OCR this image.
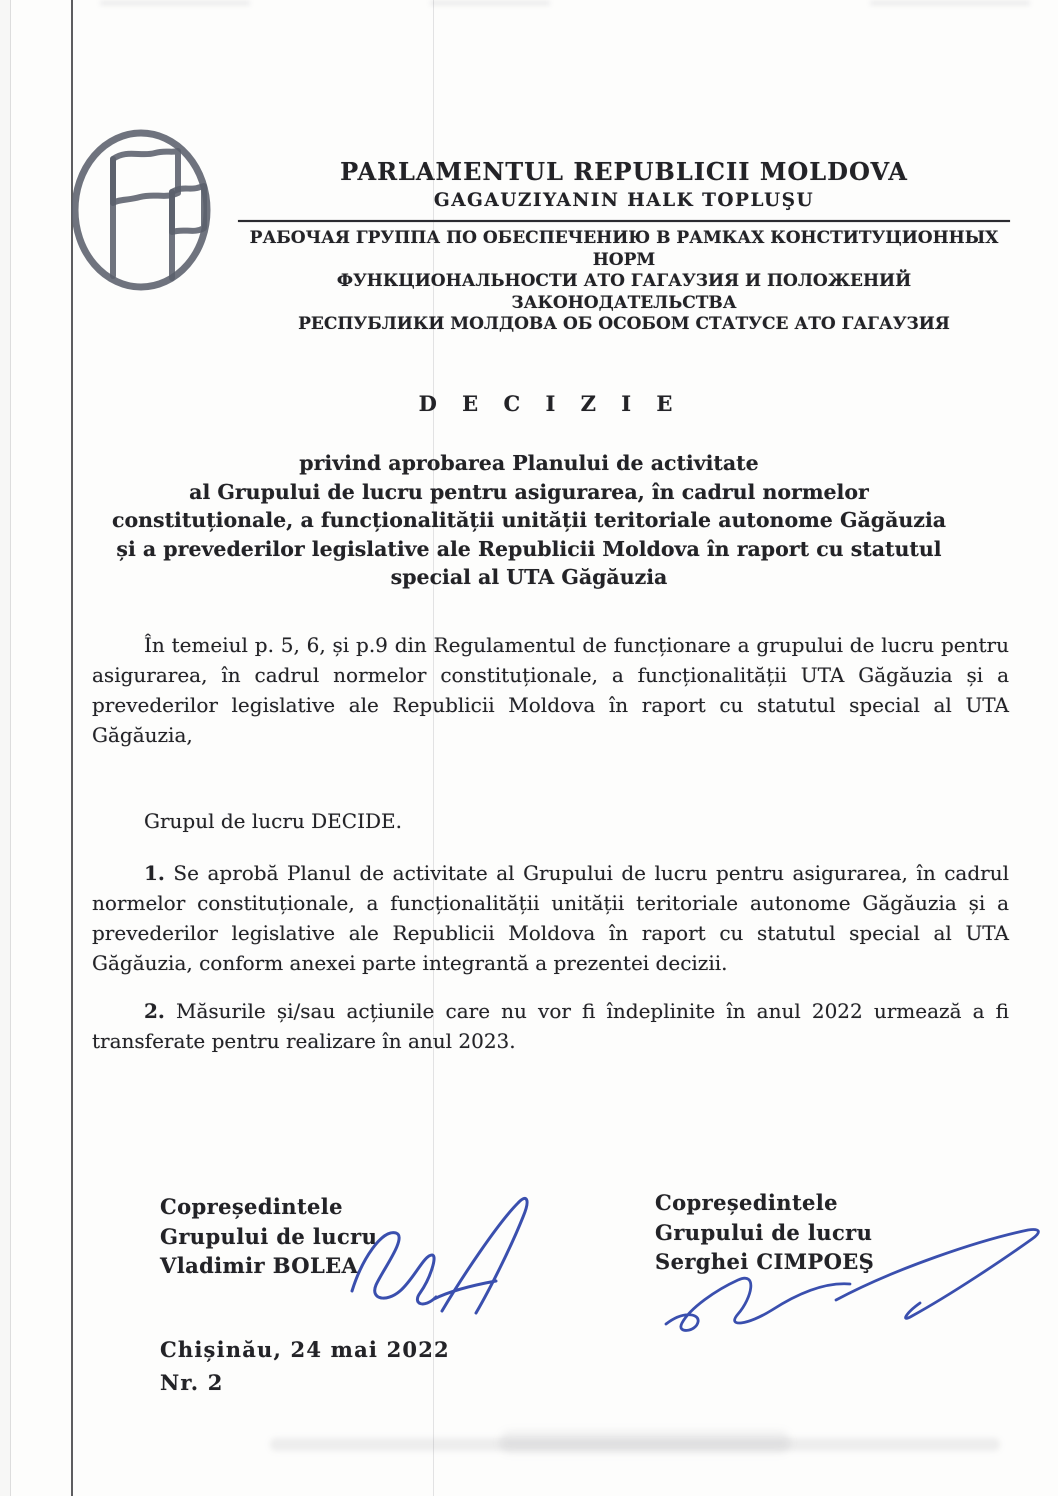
PARLAMENTUL REPUBLICII MOLDOVA
GAGAUZIYANIN HALK TOPLUŞU
РАБОЧАЯ ГРУППА ПО ОБЕСПЕЧЕНИЮ В РАМКАХ КОНСТИТУЦИОННЫХ НОРМ
ФУНКЦИОНАЛЬНОСТИ АТО ГАГАУЗИЯ И ПОЛОЖЕНИЙ ЗАКОНОДАТЕЛЬСТВА
РЕСПУБЛИКИ МОЛДОВА ОБ ОСОБОМ СТАТУСЕ АТО ГАГАУЗИЯ
D E C I Z I E
privind aprobarea Planului de activitate
al Grupului de lucru pentru asigurarea, în cadrul normelor
constituționale, a funcționalității unității teritoriale autonome Găgăuzia
și a prevederilor legislative ale Republicii Moldova în raport cu statutul
special al UTA Găgăuzia
În temeiul p. 5, 6, și p.9 din Regulamentul de funcționare a grupului de lucru pentru asigurarea, în cadrul normelor constituționale, a funcționalității UTA Găgăuzia și a prevederilor legislative ale Republicii Moldova în raport cu statutul special al UTA Găgăuzia,
Grupul de lucru DECIDE.
1. Se aprobă Planul de activitate al Grupului de lucru pentru asigurarea, în cadrul normelor constituționale, a funcționalității unității teritoriale autonome Găgăuzia și a prevederilor legislative ale Republicii Moldova în raport cu statutul special al UTA Găgăuzia, conform anexei parte integrantă a prezentei decizii.
2. Măsurile și/sau acțiunile care nu vor fi îndeplinite în anul 2022 urmează a fi transferate pentru realizare în anul 2023.
Copreședintele
Grupului de lucru
Vladimir BOLEA
Copreședintele
Grupului de lucru
Serghei CIMPOEŞ
Chișinău, 24 mai 2022
Nr. 2
